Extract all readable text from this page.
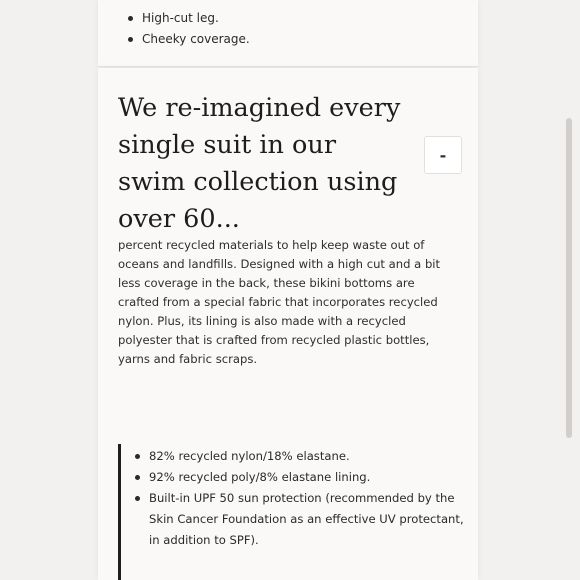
High-cut leg.
Cheeky coverage.
We re-imagined every single suit in our swim collection using over 60...
-

percent recycled materials to help keep waste out of oceans and landfills. Designed with a high cut and a bit less coverage in the back, these bikini bottoms are crafted from a special fabric that incorporates recycled nylon. Plus, its lining is also made with a recycled polyester that is crafted from recycled plastic bottles, yarns and fabric scraps.

82% recycled nylon/18% elastane.
92% recycled poly/8% elastane lining.
Built-in UPF 50 sun protection (recommended by the Skin Cancer Foundation as an effective UV protectant, in addition to SPF).
